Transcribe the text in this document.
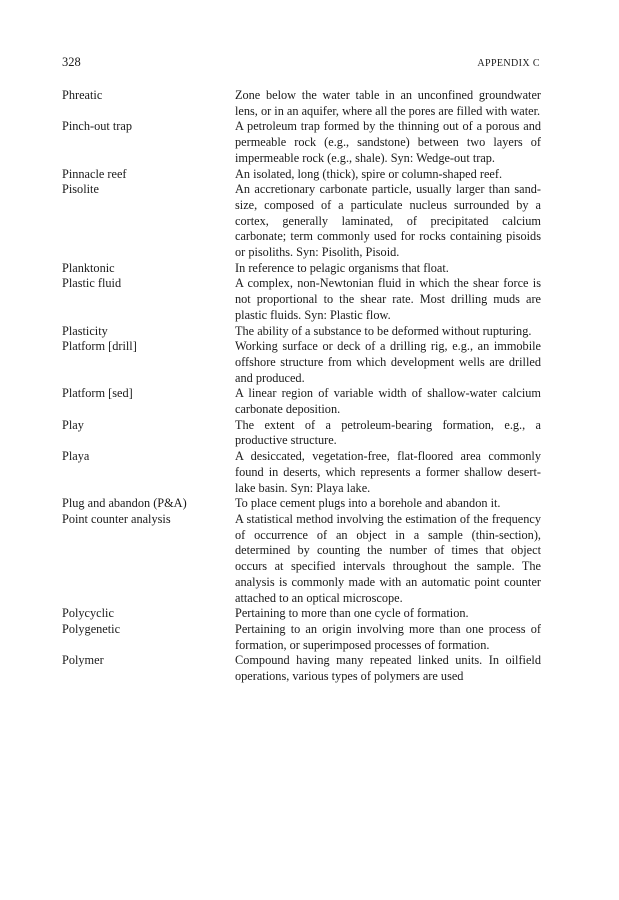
328	APPENDIX C
Phreatic	Zone below the water table in an unconfined groundwater lens, or in an aquifer, where all the pores are filled with water.
Pinch-out trap	A petroleum trap formed by the thinning out of a porous and permeable rock (e.g., sandstone) between two layers of impermeable rock (e.g., shale). Syn: Wedge-out trap.
Pinnacle reef	An isolated, long (thick), spire or column-shaped reef.
Pisolite	An accretionary carbonate particle, usually larger than sand-size, composed of a particulate nucleus surrounded by a cortex, generally laminated, of precipitated calcium carbonate; term commonly used for rocks containing pisoids or pisoliths. Syn: Pisolith, Pisoid.
Planktonic	In reference to pelagic organisms that float.
Plastic fluid	A complex, non-Newtonian fluid in which the shear force is not proportional to the shear rate. Most drilling muds are plastic fluids. Syn: Plastic flow.
Plasticity	The ability of a substance to be deformed without rupturing.
Platform [drill]	Working surface or deck of a drilling rig, e.g., an immobile offshore structure from which development wells are drilled and produced.
Platform [sed]	A linear region of variable width of shallow-water calcium carbonate deposition.
Play	The extent of a petroleum-bearing formation, e.g., a productive structure.
Playa	A desiccated, vegetation-free, flat-floored area commonly found in deserts, which represents a former shallow desert-lake basin. Syn: Playa lake.
Plug and abandon (P&A)	To place cement plugs into a borehole and abandon it.
Point counter analysis	A statistical method involving the estimation of the frequency of occurrence of an object in a sample (thin-section), determined by counting the number of times that object occurs at specified intervals throughout the sample. The analysis is commonly made with an automatic point counter attached to an optical microscope.
Polycyclic	Pertaining to more than one cycle of formation.
Polygenetic	Pertaining to an origin involving more than one process of formation, or superimposed processes of formation.
Polymer	Compound having many repeated linked units. In oilfield operations, various types of polymers are used
